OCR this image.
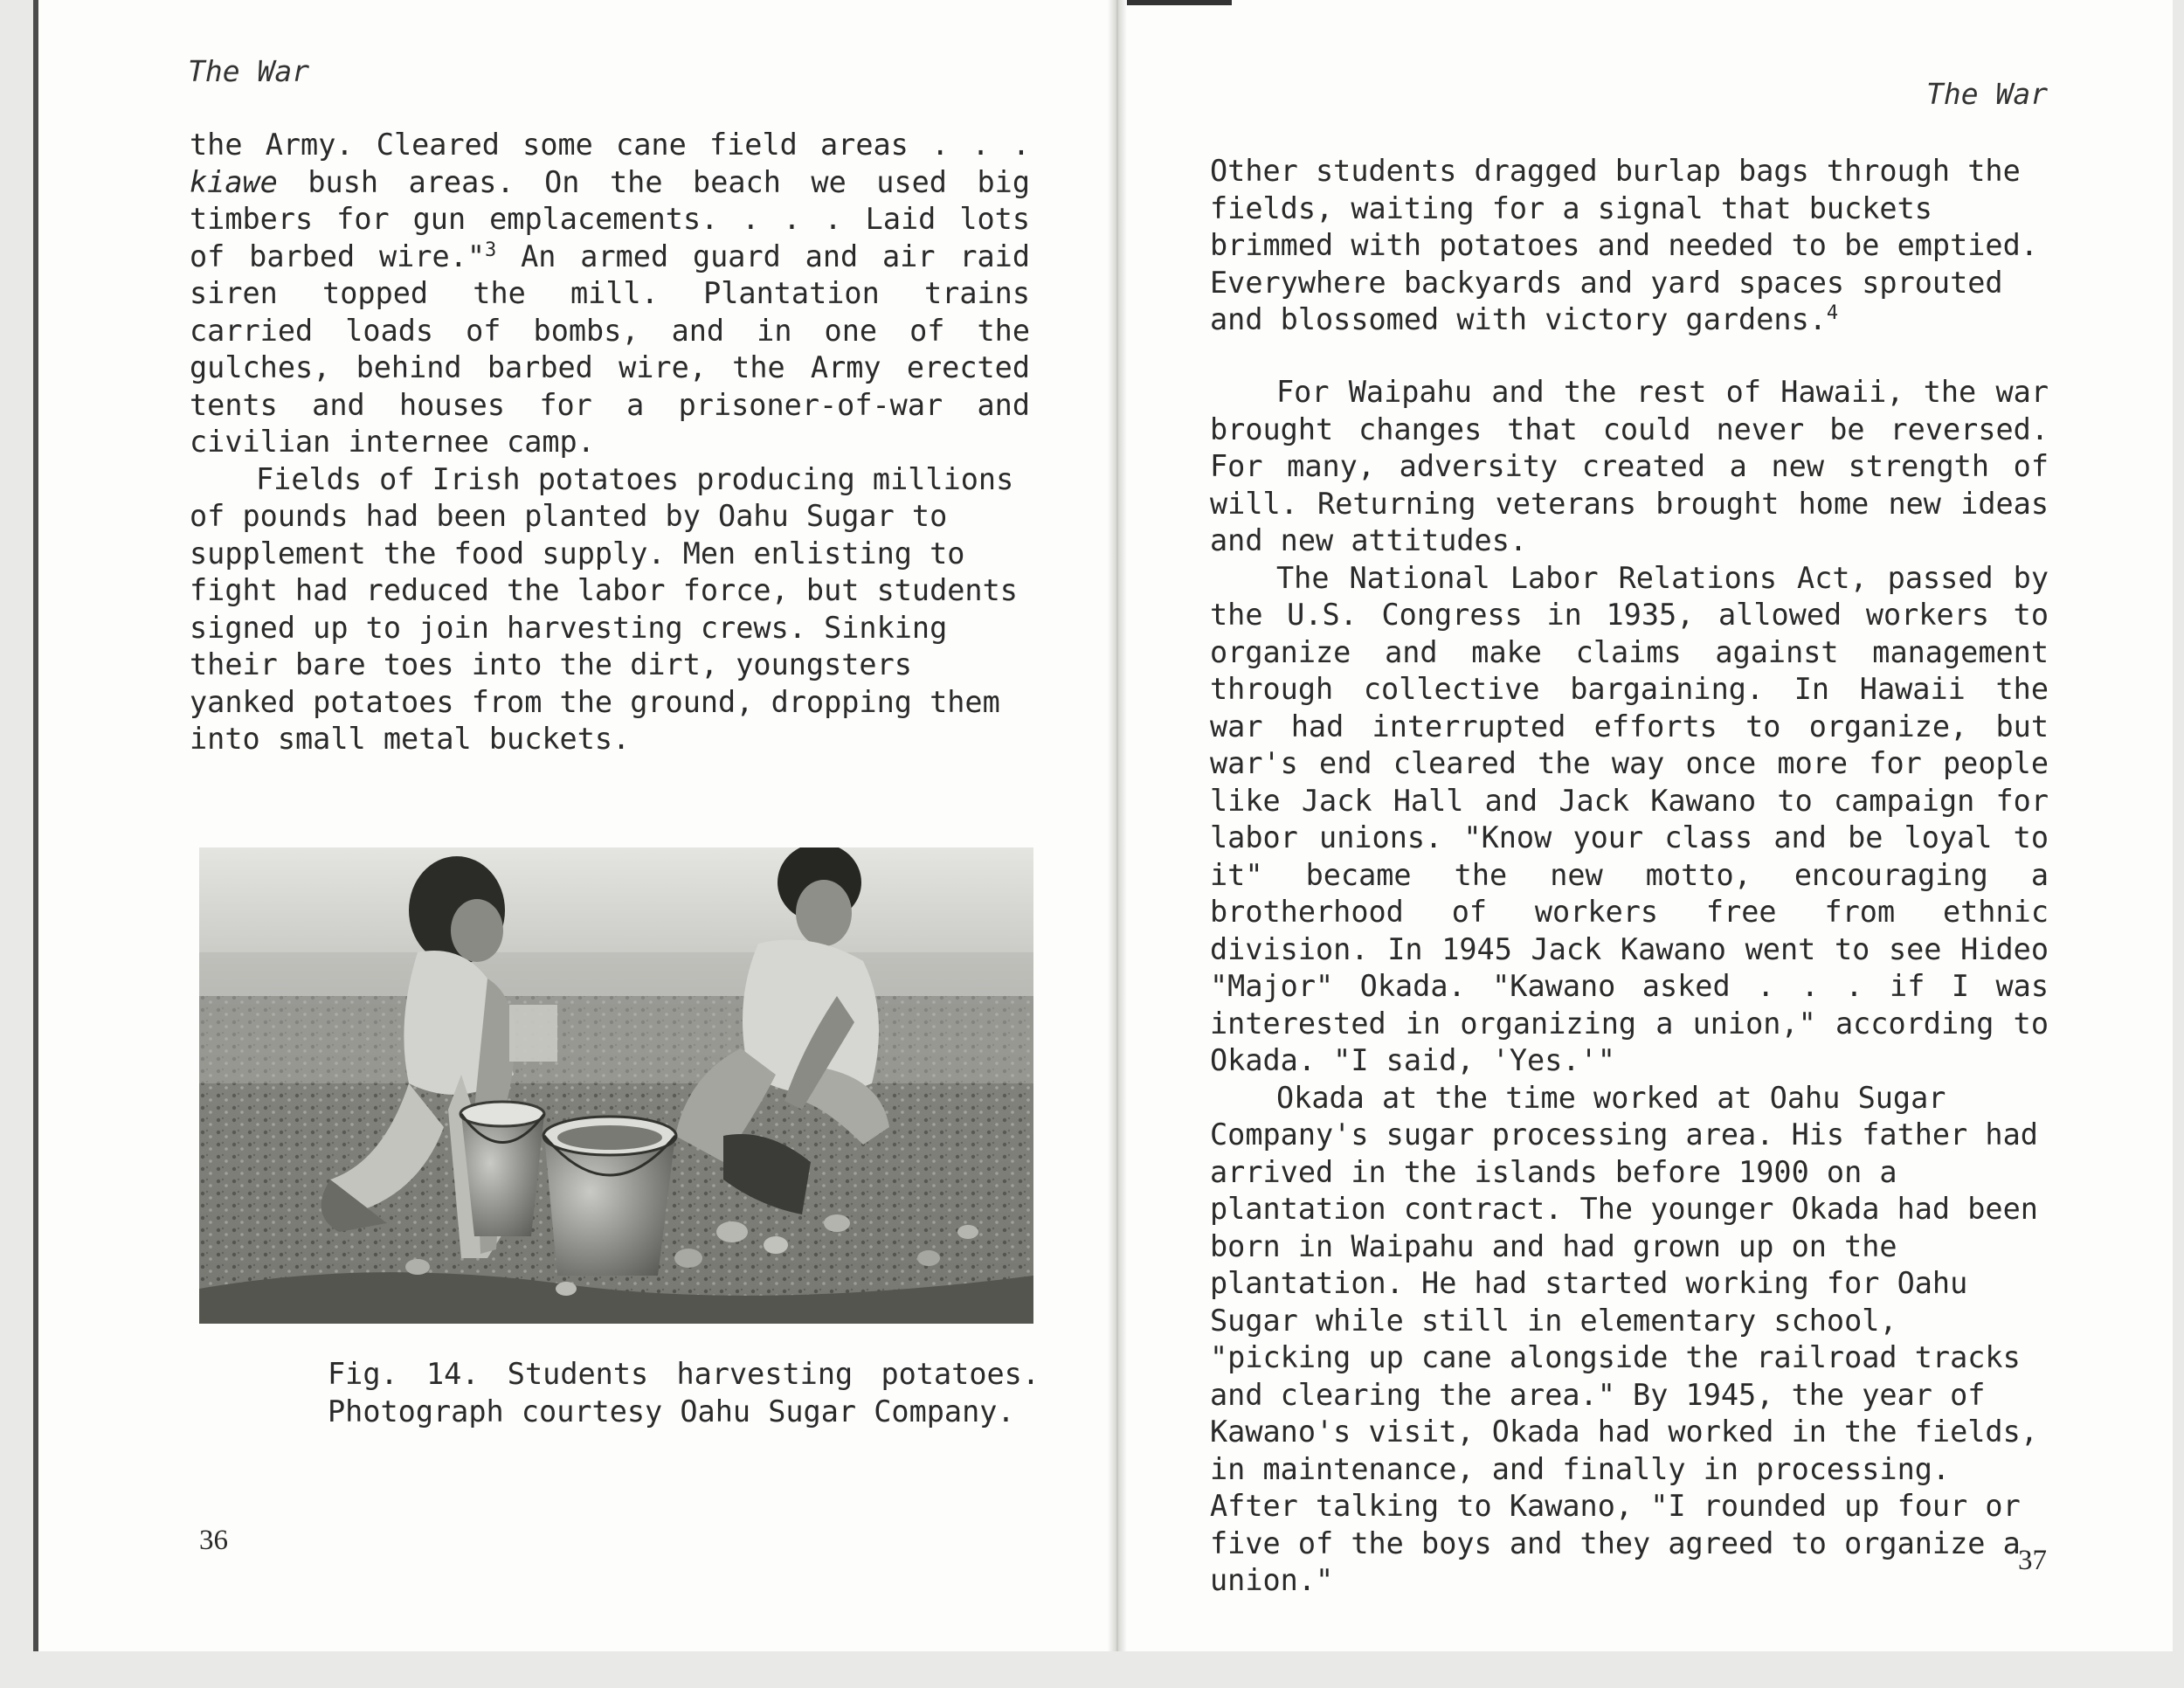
The War

the Army. Cleared some cane field areas . . . kiawe bush areas. On the beach we used big timbers for gun emplacements. . . . Laid lots of barbed wire."$^3$ An armed guard and air raid siren topped the mill. Plantation trains carried loads of bombs, and in one of the gulches, behind barbed wire, the Army erected tents and houses for a prisoner-of-war and civilian internee camp.

Fields of Irish potatoes producing millions of pounds had been planted by Oahu Sugar to supplement the food supply. Men enlisting to fight had reduced the labor force, but students signed up to join harvesting crews. Sinking their bare toes into the dirt, youngsters yanked potatoes from the ground, dropping them into small metal buckets.

Fig. 14. Students harvesting potatoes.
Photograph courtesy Oahu Sugar Company.
36
The War

Other students dragged burlap bags through the fields, waiting for a signal that buckets brimmed with potatoes and needed to be emptied. Everywhere backyards and yard spaces sprouted and blossomed with victory gardens.$^4$

For Waipahu and the rest of Hawaii, the war brought changes that could never be reversed. For many, adversity created a new strength of will. Returning veterans brought home new ideas and new attitudes.

The National Labor Relations Act, passed by the U.S. Congress in 1935, allowed workers to organize and make claims against management through collective bargaining. In Hawaii the war had interrupted efforts to organize, but war's end cleared the way once more for people like Jack Hall and Jack Kawano to campaign for labor unions. "Know your class and be loyal to it" became the new motto, encouraging a brotherhood of workers free from ethnic division. In 1945 Jack Kawano went to see Hideo "Major" Okada. "Kawano asked . . . if I was interested in organizing a union," according to Okada. "I said, 'Yes.'"

Okada at the time worked at Oahu Sugar Company's sugar processing area. His father had arrived in the islands before 1900 on a plantation contract. The younger Okada had been born in Waipahu and had grown up on the plantation. He had started working for Oahu Sugar while still in elementary school, "picking up cane alongside the railroad tracks and clearing the area." By 1945, the year of Kawano's visit, Okada had worked in the fields, in maintenance, and finally in processing. After talking to Kawano, "I rounded up four or five of the boys and they agreed to organize a union."

37
